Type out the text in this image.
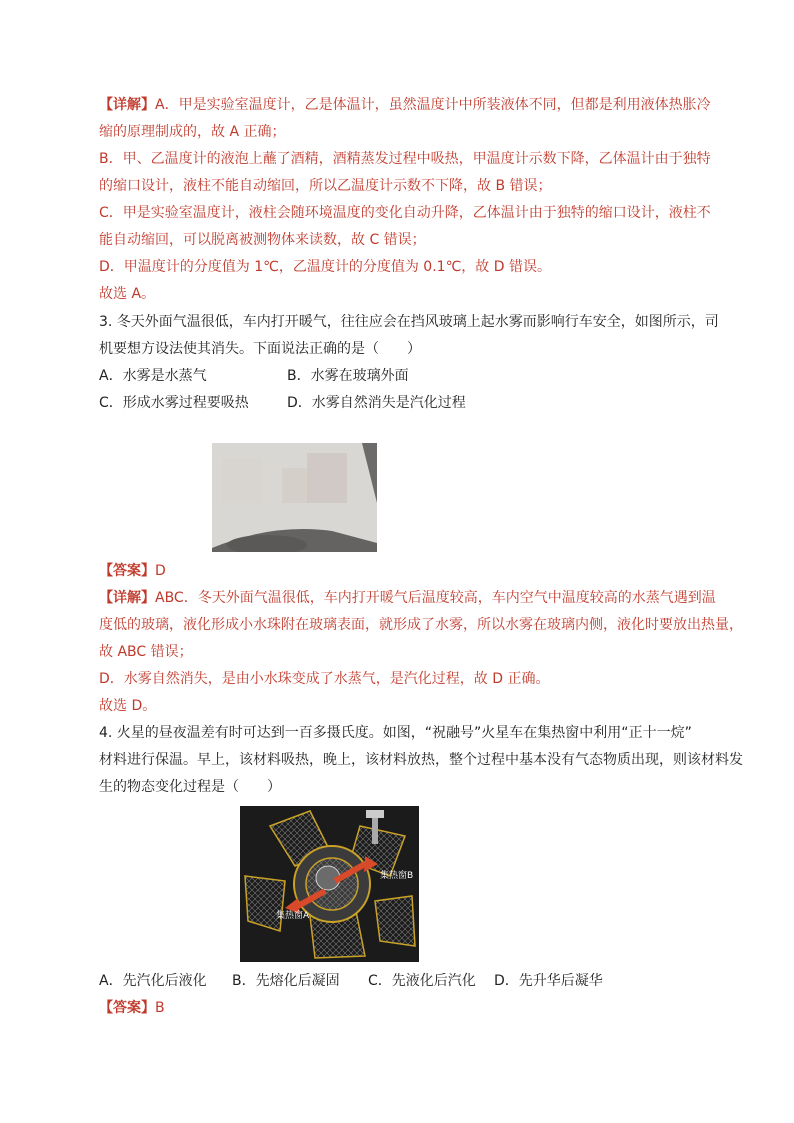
【详解】A．甲是实验室温度计，乙是体温计，虽然温度计中所装液体不同，但都是利用液体热胀冷
缩的原理制成的，故 A 正确；
B．甲、乙温度计的液泡上蘸了酒精，酒精蒸发过程中吸热，甲温度计示数下降，乙体温计由于独特
的缩口设计，液柱不能自动缩回，所以乙温度计示数不下降，故 B 错误；
C．甲是实验室温度计，液柱会随环境温度的变化自动升降，乙体温计由于独特的缩口设计，液柱不
能自动缩回，可以脱离被测物体来读数，故 C 错误；
D．甲温度计的分度值为 1℃，乙温度计的分度值为 0.1℃，故 D 错误。
故选 A。
3. 冬天外面气温很低，车内打开暖气，往往应会在挡风玻璃上起水雾而影响行车安全，如图所示，司
机要想方设法使其消失。下面说法正确的是（　　）
A．水雾是水蒸气	B．水雾在玻璃外面
C．形成水雾过程要吸热	D．水雾自然消失是汽化过程
【答案】D
【详解】ABC．冬天外面气温很低，车内打开暖气后温度较高，车内空气中温度较高的水蒸气遇到温
度低的玻璃，液化形成小水珠附在玻璃表面，就形成了水雾，所以水雾在玻璃内侧，液化时要放出热量，
故 ABC 错误；
D．水雾自然消失，是由小水珠变成了水蒸气，是汽化过程，故 D 正确。
故选 D。
4. 火星的昼夜温差有时可达到一百多摄氏度。如图，“祝融号”火星车在集热窗中利用“正十一烷”
材料进行保温。早上，该材料吸热，晚上，该材料放热，整个过程中基本没有气态物质出现，则该材料发
生的物态变化过程是（　　）
集热窗B
集热窗A
A．先汽化后液化 B．先熔化后凝固 C．先液化后汽化 D．先升华后凝华
【答案】B
